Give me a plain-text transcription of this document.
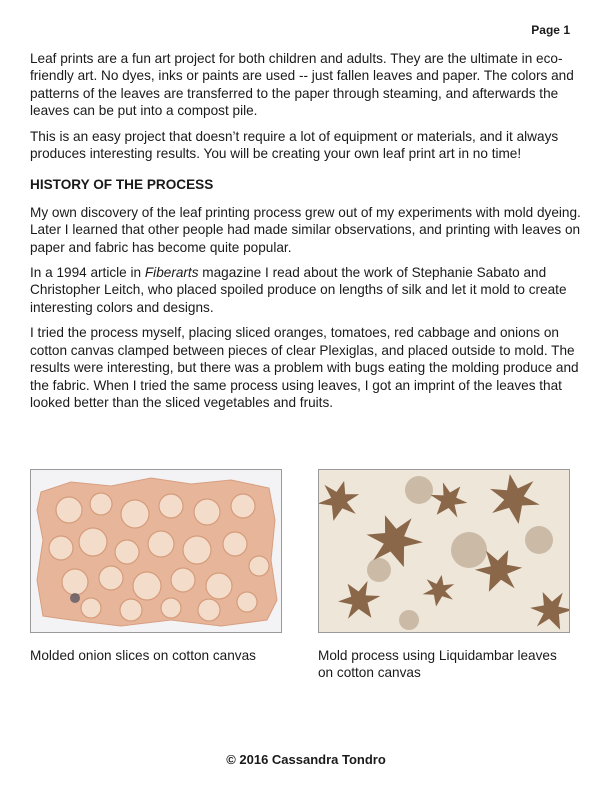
Page 1

Leaf prints are a fun art project for both children and adults. They are the ultimate in eco-friendly art. No dyes, inks or paints are used -- just fallen leaves and paper. The colors and patterns of the leaves are transferred to the paper through steaming, and afterwards the leaves can be put into a compost pile.

This is an easy project that doesn’t require a lot of equipment or materials, and it always produces interesting results. You will be creating your own leaf print art in no time!

HISTORY OF THE PROCESS

My own discovery of the leaf printing process grew out of my experiments with mold dyeing. Later I learned that other people had made similar observations, and printing with leaves on paper and fabric has become quite popular.

In a 1994 article in Fiberarts magazine I read about the work of Stephanie Sabato and Christopher Leitch, who placed spoiled produce on lengths of silk and let it mold to create interesting colors and designs.

I tried the process myself, placing sliced oranges, tomatoes, red cabbage and onions on cotton canvas clamped between pieces of clear Plexiglas, and placed outside to mold. The results were interesting, but there was a problem with bugs eating the molding produce and the fabric. When I tried the same process using leaves, I got an imprint of the leaves that looked better than the sliced vegetables and fruits.

Molded onion slices on cotton canvas	Mold process using Liquidambar leaves on cotton canvas
© 2016 Cassandra Tondro
